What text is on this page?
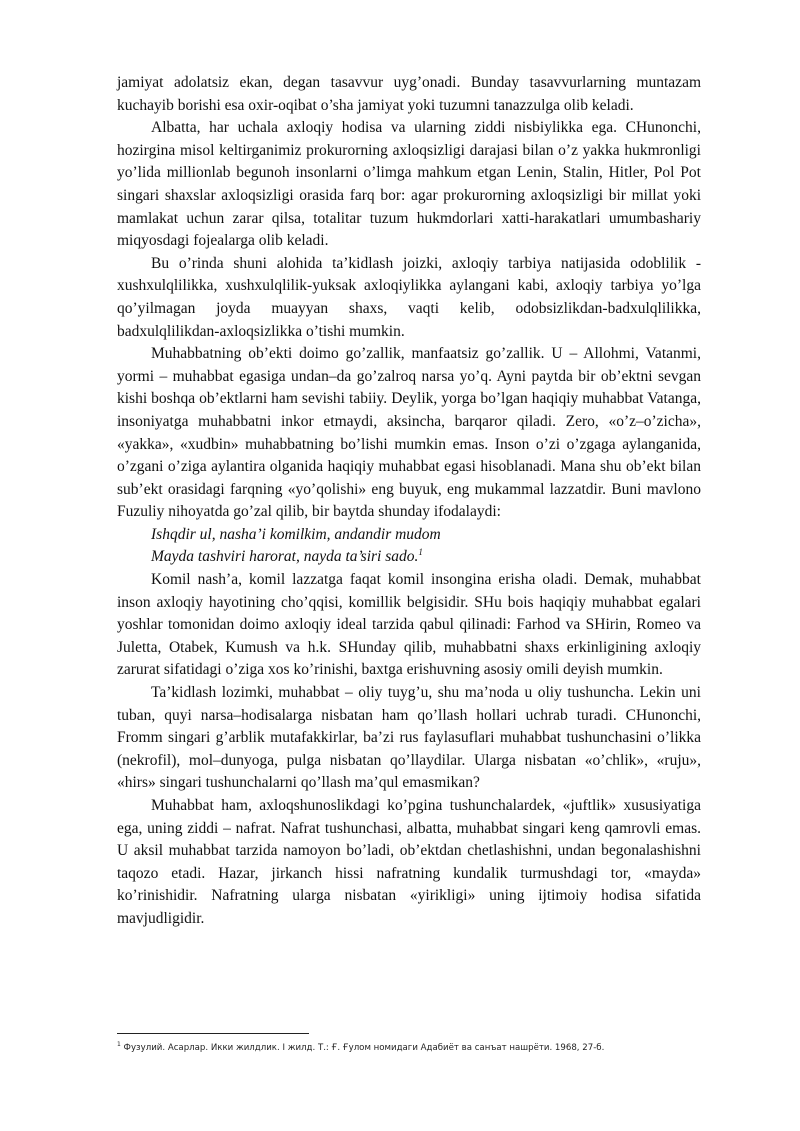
jamiyat adolatsiz ekan, degan tasavvur uyg’onadi. Bunday tasavvurlarning muntazam kuchayib borishi esa oxir-oqibat o’sha jamiyat yoki tuzumni tanazzulga olib keladi.

Albatta, har uchala axloqiy hodisa va ularning ziddi nisbiylikka ega. CHunonchi, hozirgina misol keltirganimiz prokurorning axloqsizligi darajasi bilan o’z yakka hukmronligi yo’lida millionlab begunoh insonlarni o’limga mahkum etgan Lenin, Stalin, Hitler, Pol Pot singari shaxslar axloqsizligi orasida farq bor: agar prokurorning axloqsizligi bir millat yoki mamlakat uchun zarar qilsa, totalitar tuzum hukmdorlari xatti-harakatlari umumbashariy miqyosdagi fojealarga olib keladi.

Bu o’rinda shuni alohida ta’kidlash joizki, axloqiy tarbiya natijasida odoblilik - xushxulqlilikka, xushxulqlilik-yuksak axloqiylikka aylangani kabi, axloqiy tarbiya yo’lga qo’yilmagan joyda muayyan shaxs, vaqti kelib, odobsizlikdan-badxulqlilikka, badxulqlilikdan-axloqsizlikka o’tishi mumkin.

Muhabbatning ob’ekti doimo go’zallik, manfaatsiz go’zallik. U – Allohmi, Vatanmi, yormi – muhabbat egasiga undan–da go’zalroq narsa yo’q. Ayni paytda bir ob’ektni sevgan kishi boshqa ob’ektlarni ham sevishi tabiiy. Deylik, yorga bo’lgan haqiqiy muhabbat Vatanga, insoniyatga muhabbatni inkor etmaydi, aksincha, barqaror qiladi. Zero, «o’z–o’zicha», «yakka», «xudbin» muhabbatning bo’lishi mumkin emas. Inson o’zi o’zgaga aylanganida, o’zgani o’ziga aylantira olganida haqiqiy muhabbat egasi hisoblanadi. Mana shu ob’ekt bilan sub’ekt orasidagi farqning «yo’qolishi» eng buyuk, eng mukammal lazzatdir. Buni mavlono Fuzuliy nihoyatda go’zal qilib, bir baytda shunday ifodalaydi:

Ishqdir ul, nasha’i komilkim, andandir mudom

Mayda tashviri harorat, nayda ta’siri sado.$^1$

Komil nash’a, komil lazzatga faqat komil insongina erisha oladi. Demak, muhabbat inson axloqiy hayotining cho’qqisi, komillik belgisidir. SHu bois haqiqiy muhabbat egalari yoshlar tomonidan doimo axloqiy ideal tarzida qabul qilinadi: Farhod va SHirin, Romeo va Juletta, Otabek, Kumush va h.k. SHunday qilib, muhabbatni shaxs erkinligining axloqiy zarurat sifatidagi o’ziga xos ko’rinishi, baxtga erishuvning asosiy omili deyish mumkin.

Ta’kidlash lozimki, muhabbat – oliy tuyg’u, shu ma’noda u oliy tushuncha. Lekin uni tuban, quyi narsa–hodisalarga nisbatan ham qo’llash hollari uchrab turadi. CHunonchi, Fromm singari g’arblik mutafakkirlar, ba’zi rus faylasuflari muhabbat tushunchasini o’likka (nekrofil), mol–dunyoga, pulga nisbatan qo’llaydilar. Ularga nisbatan «o’chlik», «ruju», «hirs» singari tushunchalarni qo’llash ma’qul emasmikan?

Muhabbat ham, axloqshunoslikdagi ko’pgina tushunchalardek, «juftlik» xususiyatiga ega, uning ziddi – nafrat. Nafrat tushunchasi, albatta, muhabbat singari keng qamrovli emas. U aksil muhabbat tarzida namoyon bo’ladi, ob’ektdan chetlashishni, undan begonalashishni taqozo etadi. Hazar, jirkanch hissi nafratning kundalik turmushdagi tor, «mayda» ko’rinishidir. Nafratning ularga nisbatan «yirikligi» uning ijtimoiy hodisa sifatida mavjudligidir.

$^1$ Фузулий. Асарлар. Икки жилдлик. I жилд. Т.: Ғ. Ғулом номидаги Адабиёт ва санъат нашрёти. 1968, 27-б.
